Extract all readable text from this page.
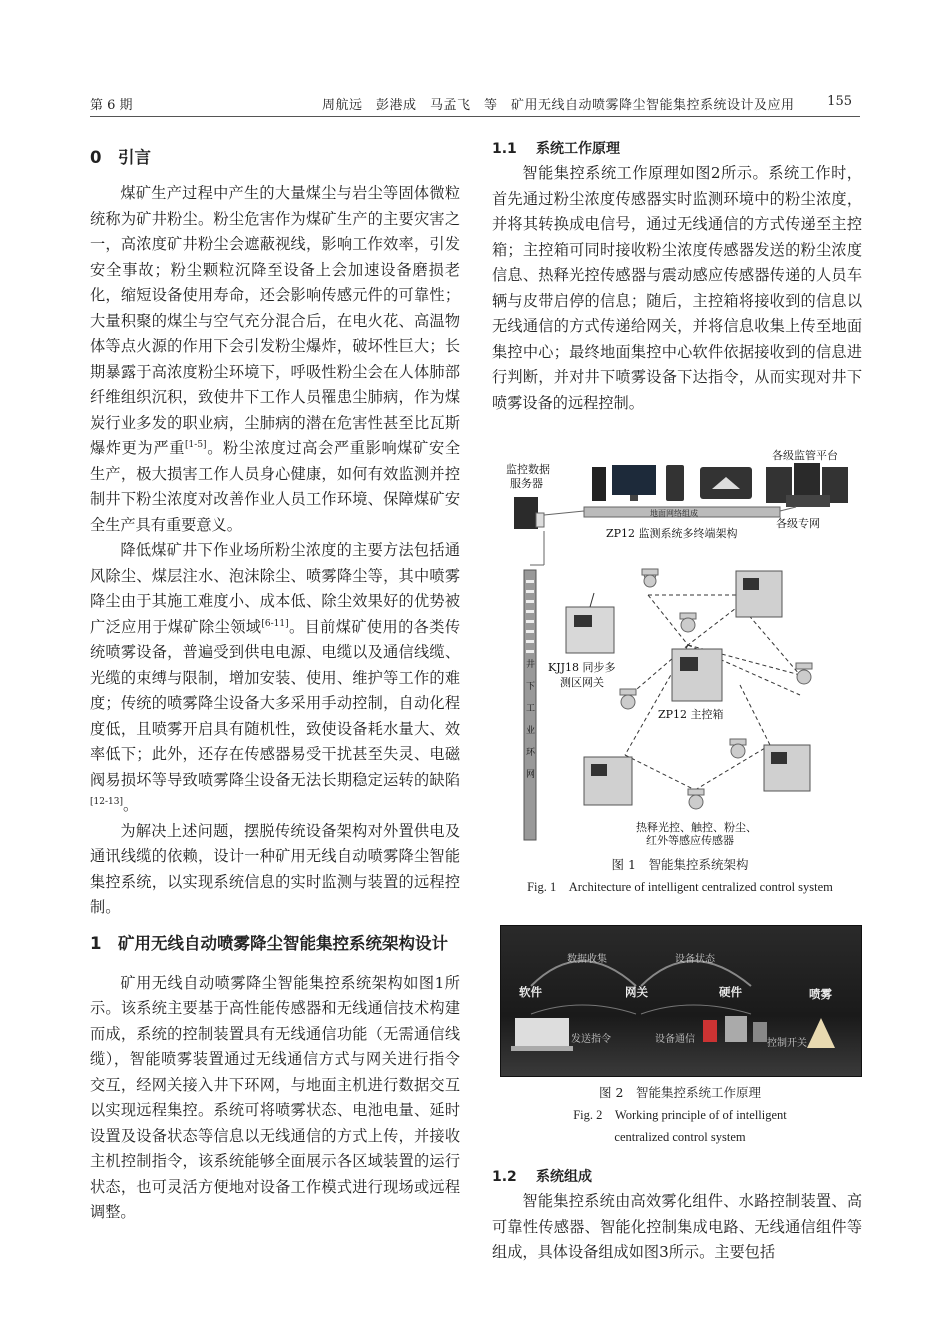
第 6 期	周航远　彭港成　马孟飞　等　矿用无线自动喷雾降尘智能集控系统设计及应用	155
0 引言

煤矿生产过程中产生的大量煤尘与岩尘等固体微粒统称为矿井粉尘。粉尘危害作为煤矿生产的主要灾害之一，高浓度矿井粉尘会遮蔽视线，影响工作效率，引发安全事故；粉尘颗粒沉降至设备上会加速设备磨损老化，缩短设备使用寿命，还会影响传感元件的可靠性；大量积聚的煤尘与空气充分混合后，在电火花、高温物体等点火源的作用下会引发粉尘爆炸，破坏性巨大；长期暴露于高浓度粉尘环境下，呼吸性粉尘会在人体肺部纤维组织沉积，致使井下工作人员罹患尘肺病，作为煤炭行业多发的职业病，尘肺病的潜在危害性甚至比瓦斯爆炸更为严重[1-5]。粉尘浓度过高会严重影响煤矿安全生产，极大损害工作人员身心健康，如何有效监测并控制井下粉尘浓度对改善作业人员工作环境、保障煤矿安全生产具有重要意义。

降低煤矿井下作业场所粉尘浓度的主要方法包括通风除尘、煤层注水、泡沫除尘、喷雾降尘等，其中喷雾降尘由于其施工难度小、成本低、除尘效果好的优势被广泛应用于煤矿除尘领域[6-11]。目前煤矿使用的各类传统喷雾设备，普遍受到供电电源、电缆以及通信线缆、光缆的束缚与限制，增加安装、使用、维护等工作的难度；传统的喷雾降尘设备大多采用手动控制，自动化程度低，且喷雾开启具有随机性，致使设备耗水量大、效率低下；此外，还存在传感器易受干扰甚至失灵、电磁阀易损坏等导致喷雾降尘设备无法长期稳定运转的缺陷[12-13]。

为解决上述问题，摆脱传统设备架构对外置供电及通讯线缆的依赖，设计一种矿用无线自动喷雾降尘智能集控系统，以实现系统信息的实时监测与装置的远程控制。

1	矿用无线自动喷雾降尘智能集控系统架构设计

矿用无线自动喷雾降尘智能集控系统架构如图1所示。该系统主要基于高性能传感器和无线通信技术构建而成，系统的控制装置具有无线通信功能（无需通信线缆），智能喷雾装置通过无线通信方式与网关进行指令交互，经网关接入井下环网，与地面主机进行数据交互以实现远程集控。系统可将喷雾状态、电池电量、延时设置及设备状态等信息以无线通信的方式上传，并接收主机控制指令，该系统能够全面展示各区域装置的运行状态，也可灵活方便地对设备工作模式进行现场或远程调整。

1.1 系统工作原理

智能集控系统工作原理如图2所示。系统工作时，首先通过粉尘浓度传感器实时监测环境中的粉尘浓度，并将其转换成电信号，通过无线通信的方式传递至主控箱；主控箱可同时接收粉尘浓度传感器发送的粉尘浓度信息、热释光控传感器与震动感应传感器传递的人员车辆与皮带启停的信息；随后，主控箱将接收到的信息以无线通信的方式传递给网关，并将信息收集上传至地面集控中心；最终地面集控中心软件依据接收到的信息进行判断，并对井下喷雾设备下达指令，从而实现对井下喷雾设备的远程控制。

各级监管平台
监控数据
服务器
地面网络组成
ZP12 监测系统多终端架构
各级专网
井
下
工
业
环
网
KJJ18 同步多
测区网关
ZP12 主控箱
热释光控、触控、粉尘、
红外等感应传感器
图 1　智能集控系统架构
Fig. 1　Architecture of intelligent centralized control system
数据收集	设备状态
软件	网关	硬件	喷雾
发送指令	设备通信	控制开关
图 2　智能集控系统工作原理
Fig. 2　Working principle of of intelligent
centralized control system
1.2 系统组成

智能集控系统由高效雾化组件、水路控制装置、高可靠性传感器、智能化控制集成电路、无线通信组件等组成，具体设备组成如图3所示。主要包括
